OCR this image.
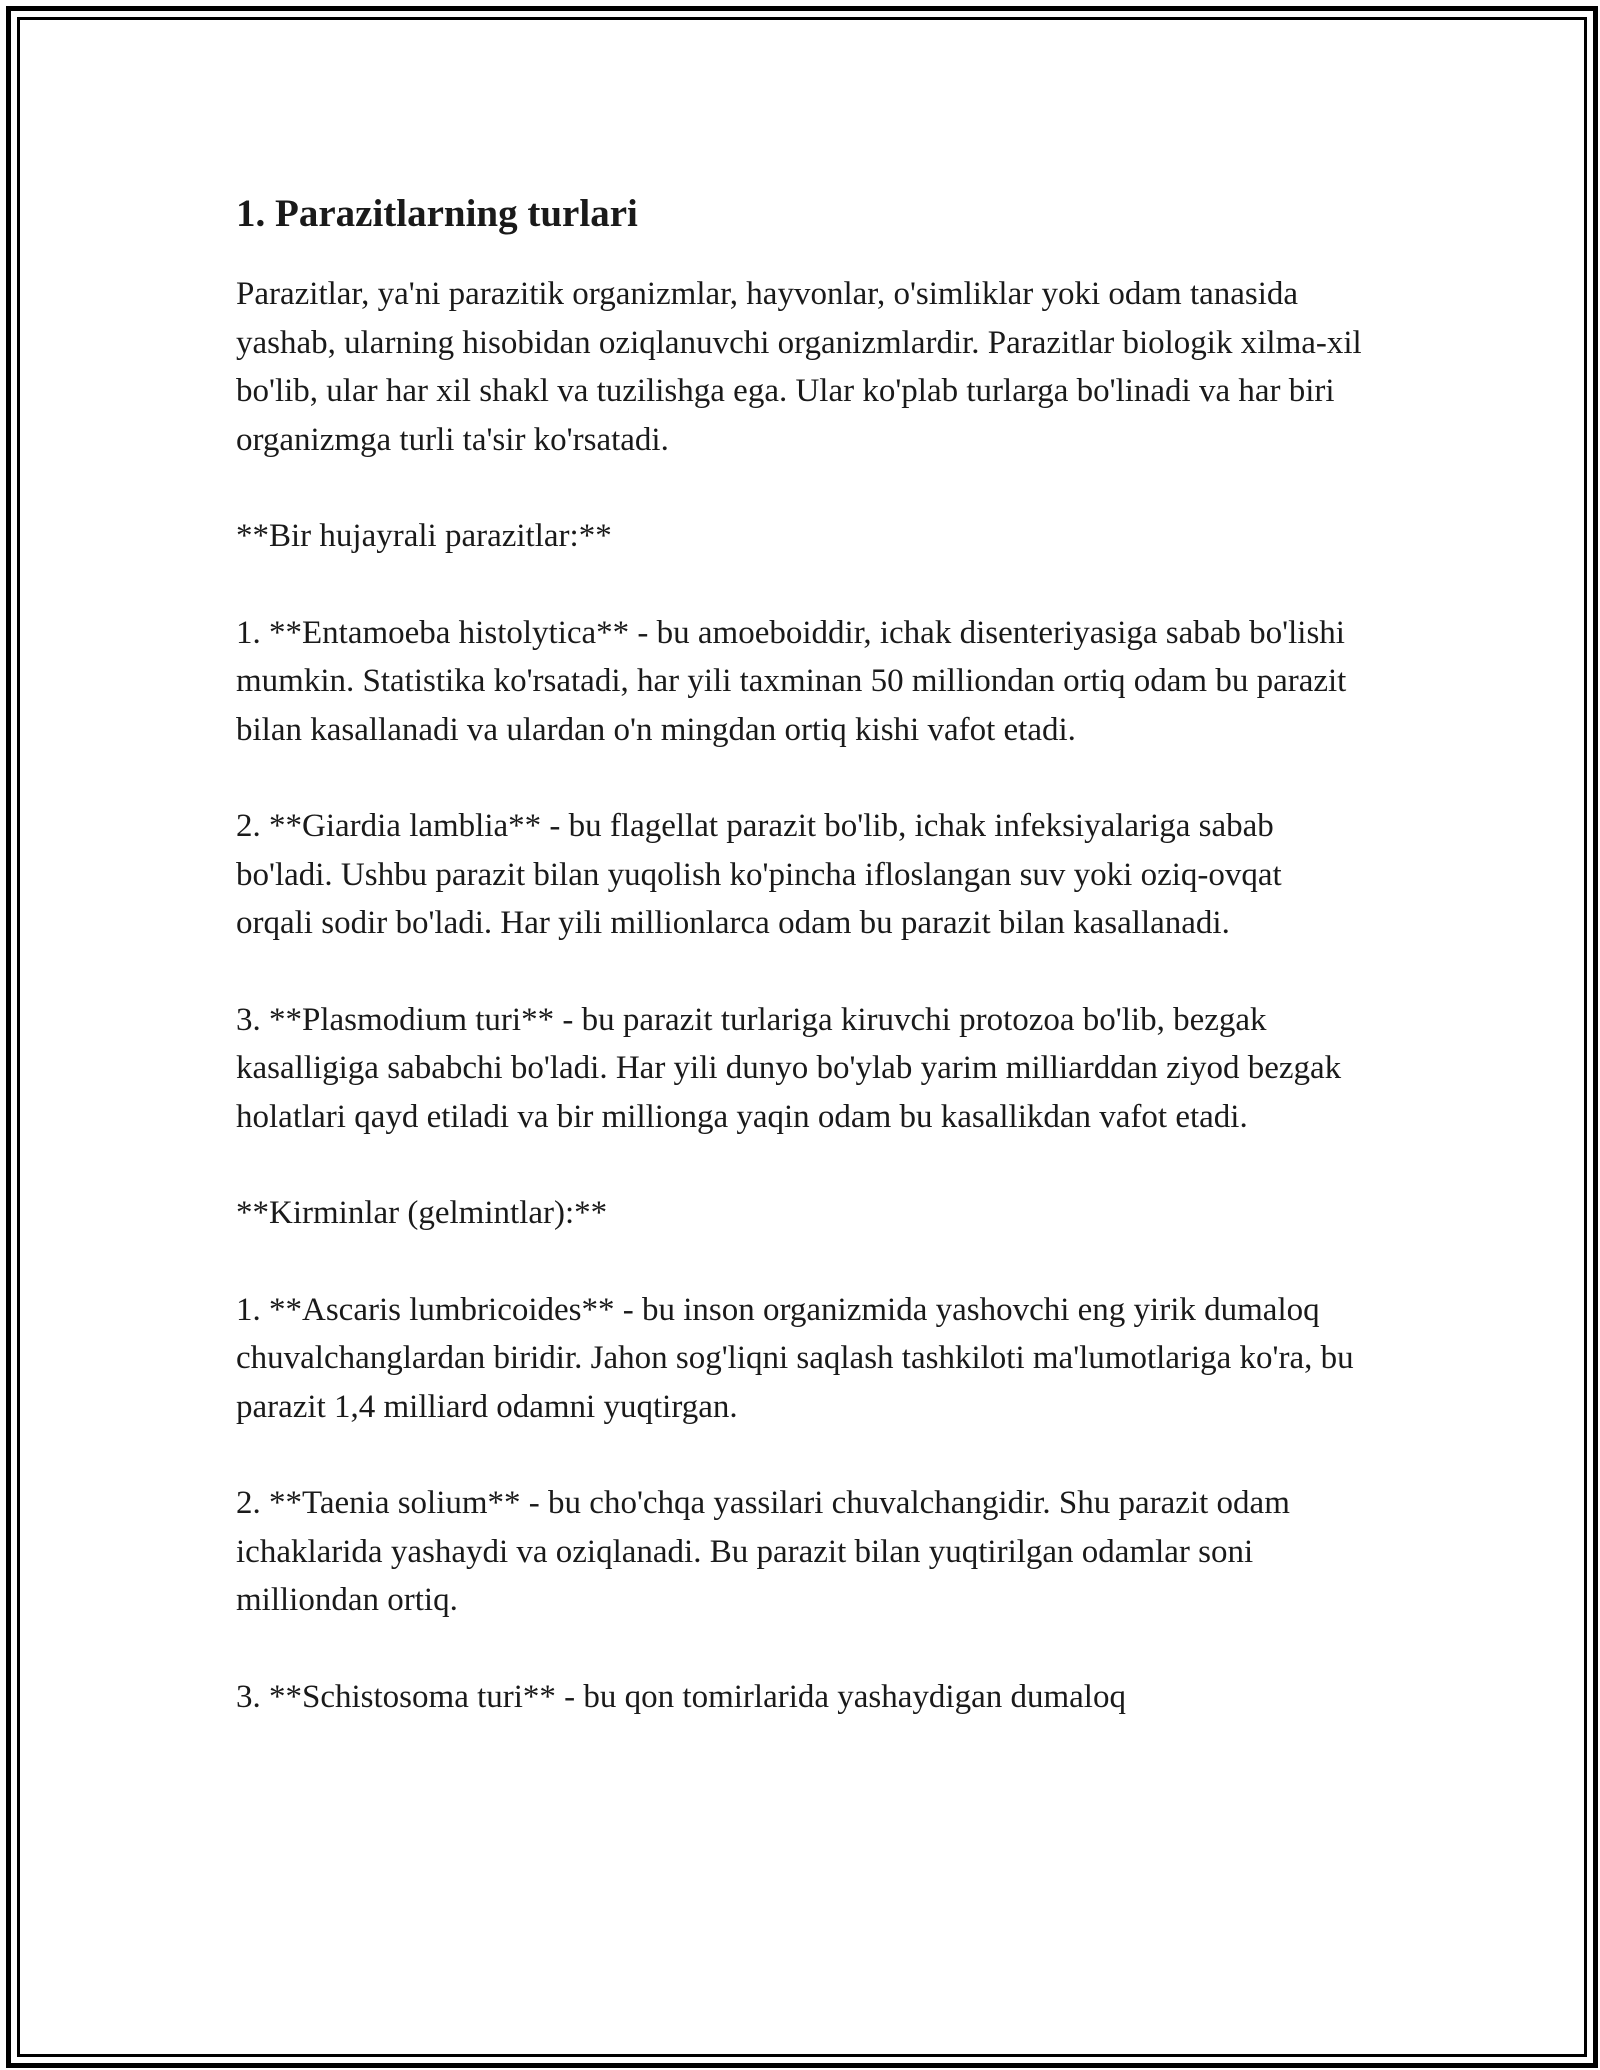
1. Parazitlarning turlari

Parazitlar, ya'ni parazitik organizmlar, hayvonlar, o'simliklar yoki odam tanasida yashab, ularning hisobidan oziqlanuvchi organizmlardir. Parazitlar biologik xilma-xil bo'lib, ular har xil shakl va tuzilishga ega. Ular ko'plab turlarga bo'linadi va har biri organizmga turli ta'sir ko'rsatadi.

**Bir hujayrali parazitlar:**

1. **Entamoeba histolytica** - bu amoeboiddir, ichak disenteriyasiga sabab bo'lishi mumkin. Statistika ko'rsatadi, har yili taxminan 50 milliondan ortiq odam bu parazit bilan kasallanadi va ulardan o'n mingdan ortiq kishi vafot etadi.

2. **Giardia lamblia** - bu flagellat parazit bo'lib, ichak infeksiyalariga sabab bo'ladi. Ushbu parazit bilan yuqolish ko'pincha ifloslangan suv yoki oziq-ovqat orqali sodir bo'ladi. Har yili millionlarca odam bu parazit bilan kasallanadi.

3. **Plasmodium turi** - bu parazit turlariga kiruvchi protozoa bo'lib, bezgak kasalligiga sababchi bo'ladi. Har yili dunyo bo'ylab yarim milliarddan ziyod bezgak holatlari qayd etiladi va bir millionga yaqin odam bu kasallikdan vafot etadi.

**Kirminlar (gelmintlar):**

1. **Ascaris lumbricoides** - bu inson organizmida yashovchi eng yirik dumaloq chuvalchanglardan biridir. Jahon sog'liqni saqlash tashkiloti ma'lumotlariga ko'ra, bu parazit 1,4 milliard odamni yuqtirgan.

2. **Taenia solium** - bu cho'chqa yassilari chuvalchangidir. Shu parazit odam ichaklarida yashaydi va oziqlanadi. Bu parazit bilan yuqtirilgan odamlar soni milliondan ortiq.

3. **Schistosoma turi** - bu qon tomirlarida yashaydigan dumaloq
